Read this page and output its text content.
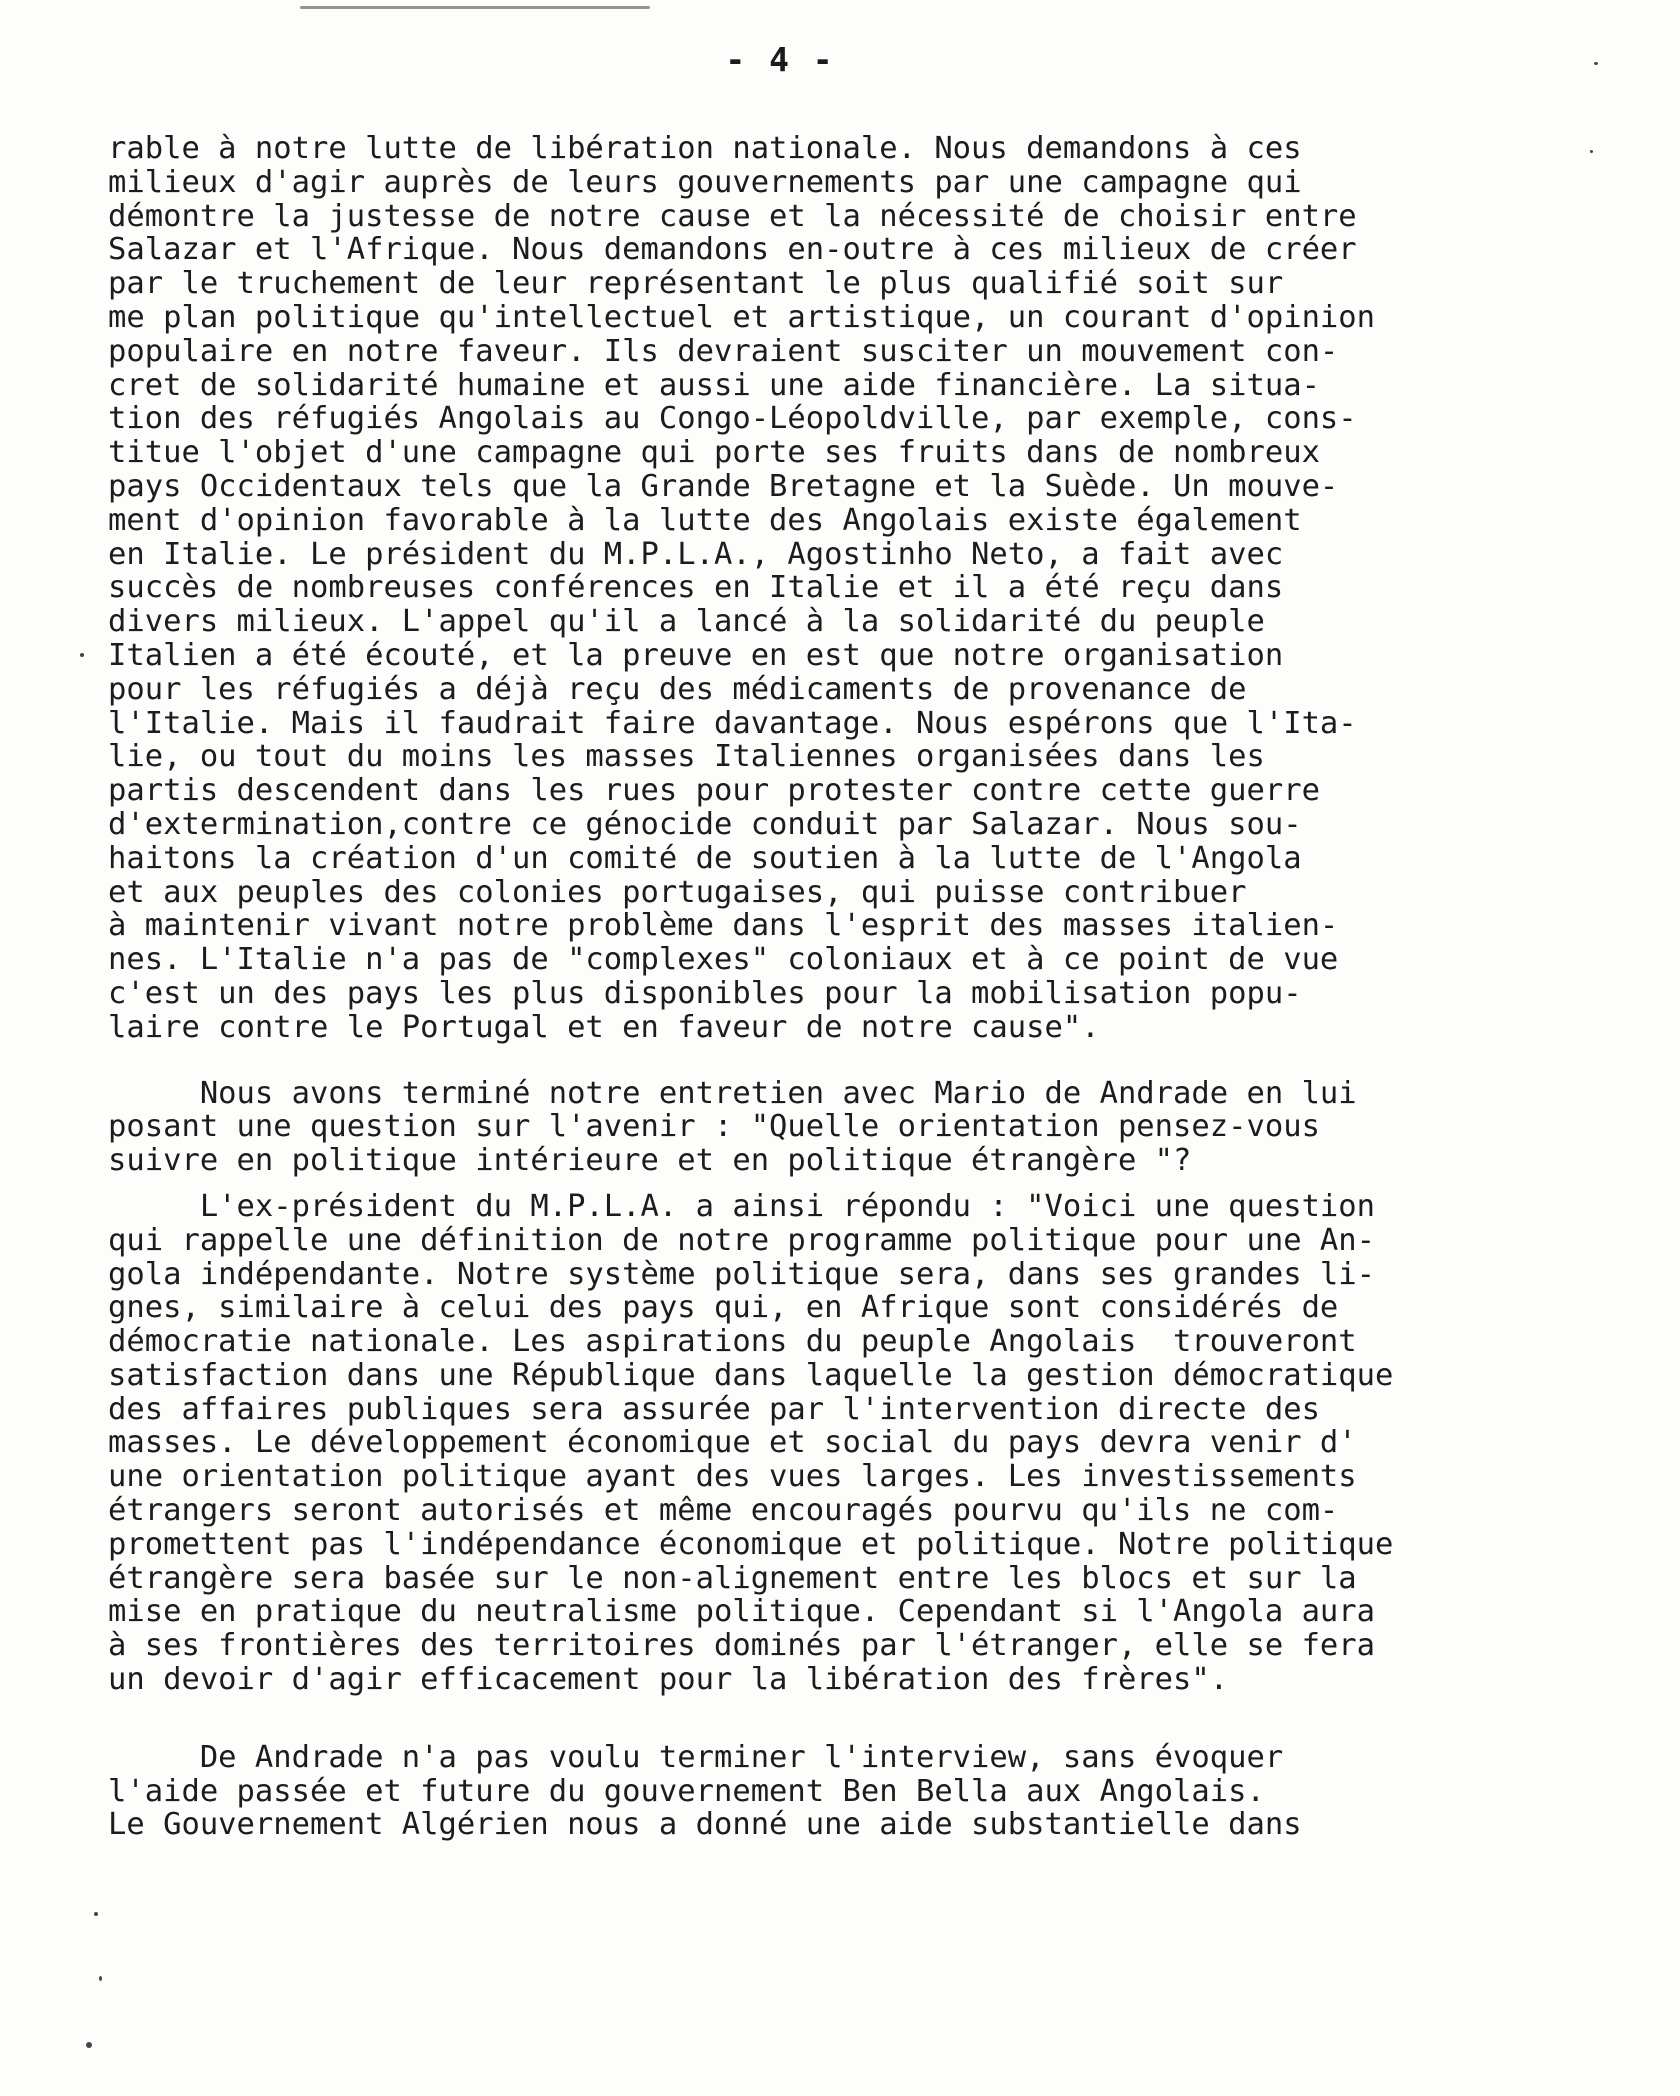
- 4 -
rable à notre lutte de libération nationale. Nous demandons à ces
milieux d'agir auprès de leurs gouvernements par une campagne qui
démontre la justesse de notre cause et la nécessité de choisir entre
Salazar et l'Afrique. Nous demandons en-outre à ces milieux de créer
par le truchement de leur représentant le plus qualifié soit sur
me plan politique qu'intellectuel et artistique, un courant d'opinion
populaire en notre faveur. Ils devraient susciter un mouvement con-
cret de solidarité humaine et aussi une aide financière. La situa-
tion des réfugiés Angolais au Congo-Léopoldville, par exemple, cons-
titue l'objet d'une campagne qui porte ses fruits dans de nombreux
pays Occidentaux tels que la Grande Bretagne et la Suède. Un mouve-
ment d'opinion favorable à la lutte des Angolais existe également
en Italie. Le président du M.P.L.A., Agostinho Neto, a fait avec
succès de nombreuses conférences en Italie et il a été reçu dans
divers milieux. L'appel qu'il a lancé à la solidarité du peuple
Italien a été écouté, et la preuve en est que notre organisation
pour les réfugiés a déjà reçu des médicaments de provenance de
l'Italie. Mais il faudrait faire davantage. Nous espérons que l'Ita-
lie, ou tout du moins les masses Italiennes organisées dans les
partis descendent dans les rues pour protester contre cette guerre
d'extermination,contre ce génocide conduit par Salazar. Nous sou-
haitons la création d'un comité de soutien à la lutte de l'Angola
et aux peuples des colonies portugaises, qui puisse contribuer
à maintenir vivant notre problème dans l'esprit des masses italien-
nes. L'Italie n'a pas de "complexes" coloniaux et à ce point de vue
c'est un des pays les plus disponibles pour la mobilisation popu-
laire contre le Portugal et en faveur de notre cause".
Nous avons terminé notre entretien avec Mario de Andrade en lui
posant une question sur l'avenir : "Quelle orientation pensez-vous
suivre en politique intérieure et en politique étrangère "?
L'ex-président du M.P.L.A. a ainsi répondu : "Voici une question
qui rappelle une définition de notre programme politique pour une An-
gola indépendante. Notre système politique sera, dans ses grandes li-
gnes, similaire à celui des pays qui, en Afrique sont considérés de
démocratie nationale. Les aspirations du peuple Angolais  trouveront
satisfaction dans une République dans laquelle la gestion démocratique
des affaires publiques sera assurée par l'intervention directe des
masses. Le développement économique et social du pays devra venir d'
une orientation politique ayant des vues larges. Les investissements
étrangers seront autorisés et même encouragés pourvu qu'ils ne com-
promettent pas l'indépendance économique et politique. Notre politique
étrangère sera basée sur le non-alignement entre les blocs et sur la
mise en pratique du neutralisme politique. Cependant si l'Angola aura
à ses frontières des territoires dominés par l'étranger, elle se fera
un devoir d'agir efficacement pour la libération des frères".
De Andrade n'a pas voulu terminer l'interview, sans évoquer
l'aide passée et future du gouvernement Ben Bella aux Angolais.
Le Gouvernement Algérien nous a donné une aide substantielle dans
